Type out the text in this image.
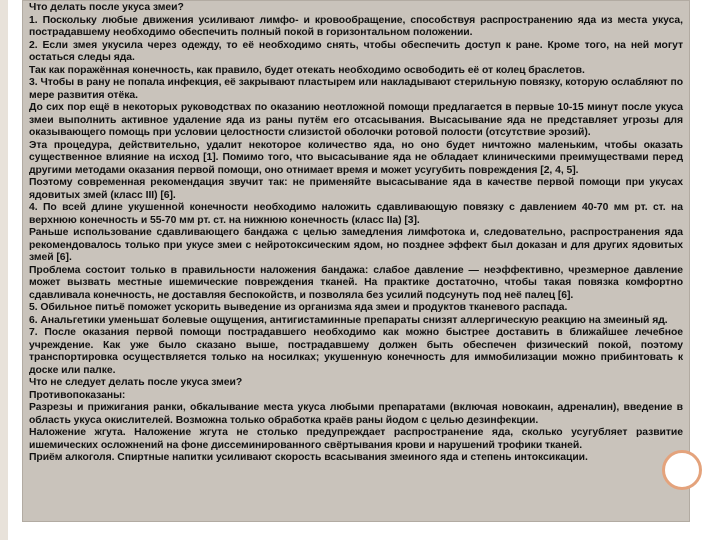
Что делать после укуса змеи?

1. Поскольку любые движения усиливают лимфо- и кровообращение, способствуя распространению яда из места укуса, пострадавшему необходимо обеспечить полный покой в горизонтальном положении.

2. Если змея укусила через одежду, то её необходимо снять, чтобы обеспечить доступ к ране. Кроме того, на ней могут остаться следы яда.

Так как поражённая конечность, как правило, будет отекать необходимо освободить её от колец браслетов.

3. Чтобы в рану не попала инфекция, её закрывают пластырем или накладывают стерильную повязку, которую ослабляют по мере развития отёка.

До сих пор ещё в некоторых руководствах по оказанию неотложной помощи предлагается в первые 10-15 минут после укуса змеи выполнить активное удаление яда из раны путём его отсасывания. Высасывание яда не представляет угрозы для оказывающего помощь при условии целостности слизистой оболочки ротовой полости (отсутствие эрозий).

Эта процедура, действительно, удалит некоторое количество яда, но оно будет ничтожно маленьким, чтобы оказать существенное влияние на исход [1]. Помимо того, что высасывание яда не обладает клиническими преимуществами перед другими методами оказания первой помощи, оно отнимает время и может усугубить повреждения [2, 4, 5].

Поэтому современная рекомендация звучит так: не применяйте высасывание яда в качестве первой помощи при укусах ядовитых змей (класс III) [6].

4. По всей длине укушенной конечности необходимо наложить сдавливающую повязку с давлением 40-70 мм рт. ст. на верхнюю конечность и 55-70 мм рт. ст. на нижнюю конечность (класс IIa) [3].

Раньше использование сдавливающего бандажа с целью замедления лимфотока и, следовательно, распространения яда рекомендовалось только при укусе змеи с нейротоксическим ядом, но позднее эффект был доказан и для других ядовитых змей [6].

Проблема состоит только в правильности наложения бандажа: слабое давление — неэффективно, чрезмерное давление может вызвать местные ишемические повреждения тканей. На практике достаточно, чтобы такая повязка комфортно сдавливала конечность, не доставляя беспокойств, и позволяла без усилий подсунуть под неё палец [6].

5. Обильное питьё поможет ускорить выведение из организма яда змеи и продуктов тканевого распада.

6. Анальгетики уменьшат болевые ощущения, антигистаминные препараты снизят аллергическую реакцию на змеиный яд.

7. После оказания первой помощи пострадавшего необходимо как можно быстрее доставить в ближайшее лечебное учреждение. Как уже было сказано выше, пострадавшему должен быть обеспечен физический покой, поэтому транспортировка осуществляется только на носилках; укушенную конечность для иммобилизации можно прибинтовать к доске или палке.

Что не следует делать после укуса змеи?

Противопоказаны:

Разрезы и прижигания ранки, обкалывание места укуса любыми препаратами (включая новокаин, адреналин), введение в область укуса окислителей. Возможна только обработка краёв раны йодом с целью дезинфекции.

Наложение жгута. Наложение жгута не столько предупреждает распространение яда, сколько усугубляет развитие ишемических осложнений на фоне диссеминированного свёртывания крови и нарушений трофики тканей.

Приём алкоголя. Спиртные напитки усиливают скорость всасывания змеиного яда и степень интоксикации.
